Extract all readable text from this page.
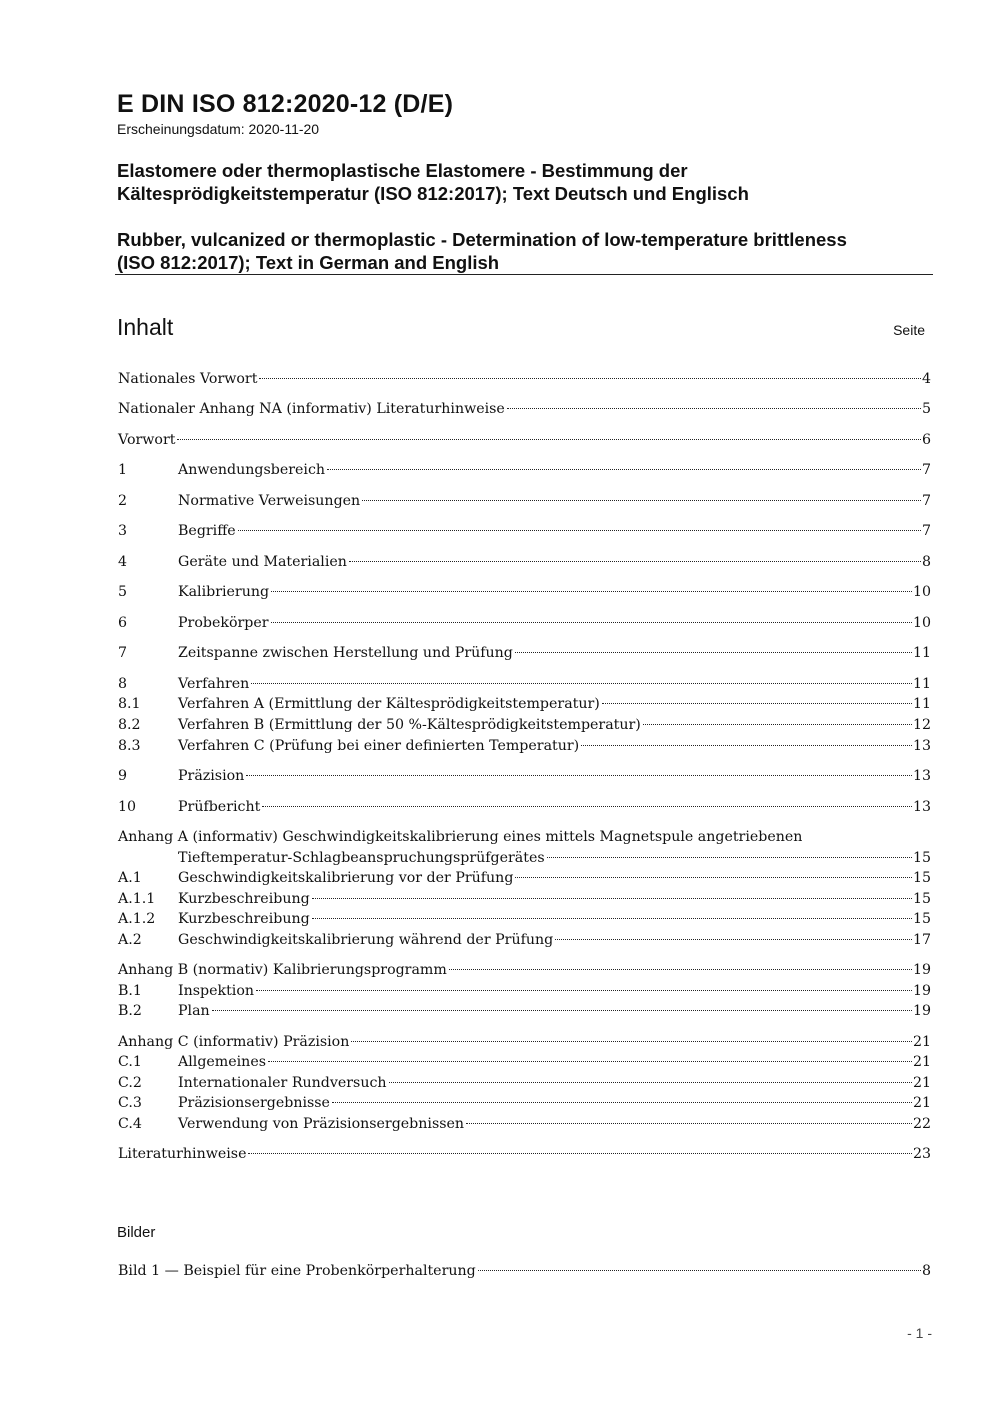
E DIN ISO 812:2020-12 (D/E)
Erscheinungsdatum: 2020-11-20
Elastomere oder thermoplastische Elastomere - Bestimmung der
Kältesprödigkeitstemperatur (ISO 812:2017); Text Deutsch und Englisch
Rubber, vulcanized or thermoplastic - Determination of low-temperature brittleness
(ISO 812:2017); Text in German and English
Inhalt	Seite
Nationales Vorwort	4
Nationaler Anhang NA (informativ) Literaturhinweise	5
Vorwort	6
1	Anwendungsbereich	7
2	Normative Verweisungen	7
3	Begriffe	7
4	Geräte und Materialien	8
5	Kalibrierung	10
6	Probekörper	10
7	Zeitspanne zwischen Herstellung und Prüfung	11
8	Verfahren	11
8.1	Verfahren A (Ermittlung der Kältesprödigkeitstemperatur)	11
8.2	Verfahren B (Ermittlung der 50 %-Kältesprödigkeitstemperatur)	12
8.3	Verfahren C (Prüfung bei einer definierten Temperatur)	13
9	Präzision	13
10	Prüfbericht	13
Anhang A (informativ) Geschwindigkeitskalibrierung eines mittels Magnetspule angetriebenen
Tieftemperatur-Schlagbeanspruchungsprüfgerätes	15
A.1	Geschwindigkeitskalibrierung vor der Prüfung	15
A.1.1	Kurzbeschreibung	15
A.1.2	Kurzbeschreibung	15
A.2	Geschwindigkeitskalibrierung während der Prüfung	17
Anhang B (normativ) Kalibrierungsprogramm	19
B.1	Inspektion	19
B.2	Plan	19
Anhang C (informativ) Präzision	21
C.1	Allgemeines	21
C.2	Internationaler Rundversuch	21
C.3	Präzisionsergebnisse	21
C.4	Verwendung von Präzisionsergebnissen	22
Literaturhinweise	23
Bild 1 — Beispiel für eine Probenkörperhalterung	8
Bilder
- 1 -
